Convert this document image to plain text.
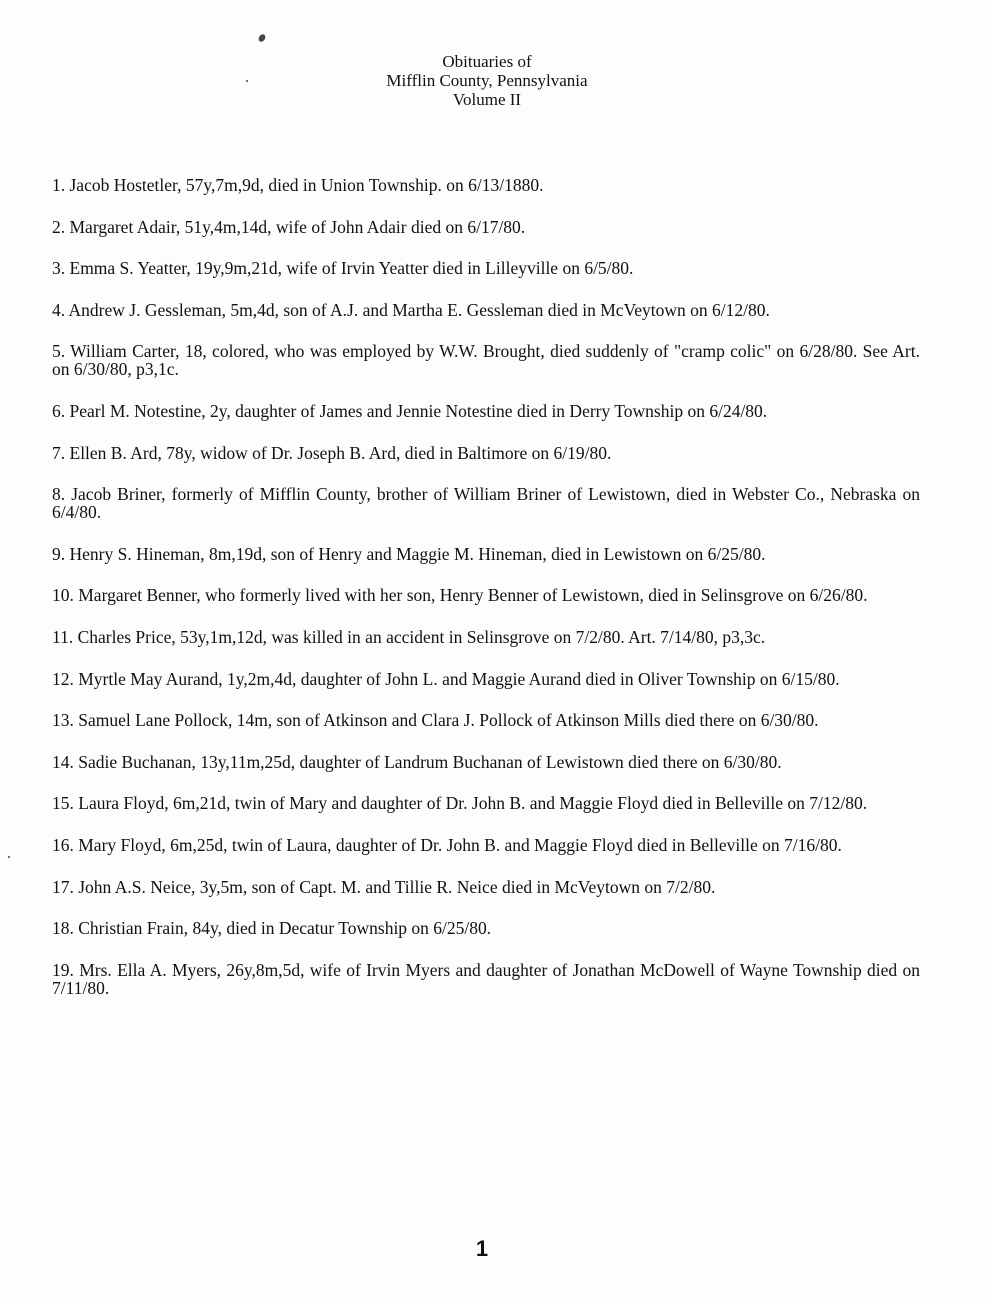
Obituaries of
Mifflin County, Pennsylvania
Volume II

1. Jacob Hostetler, 57y,7m,9d, died in Union Township. on 6/13/1880.

2. Margaret Adair, 51y,4m,14d, wife of John Adair died on 6/17/80.

3. Emma S. Yeatter, 19y,9m,21d, wife of Irvin Yeatter died in Lilleyville on 6/5/80.

4. Andrew J. Gessleman, 5m,4d, son of A.J. and Martha E. Gessleman died in McVeytown on 6/12/80.

5. William Carter, 18, colored, who was employed by W.W. Brought, died suddenly of "cramp colic" on 6/28/80. See Art. on 6/30/80, p3,1c.

6. Pearl M. Notestine, 2y, daughter of James and Jennie Notestine died in Derry Township on 6/24/80.

7. Ellen B. Ard, 78y, widow of Dr. Joseph B. Ard, died in Baltimore on 6/19/80.

8. Jacob Briner, formerly of Mifflin County, brother of William Briner of Lewistown, died in Webster Co., Nebraska on 6/4/80.

9. Henry S. Hineman, 8m,19d, son of Henry and Maggie M. Hineman, died in Lewistown on 6/25/80.

10. Margaret Benner, who formerly lived with her son, Henry Benner of Lewistown, died in Selinsgrove on 6/26/80.

11. Charles Price, 53y,1m,12d, was killed in an accident in Selinsgrove on 7/2/80. Art. 7/14/80, p3,3c.

12. Myrtle May Aurand, 1y,2m,4d, daughter of John L. and Maggie Aurand died in Oliver Township on 6/15/80.

13. Samuel Lane Pollock, 14m, son of Atkinson and Clara J. Pollock of Atkinson Mills died there on 6/30/80.

14. Sadie Buchanan, 13y,11m,25d, daughter of Landrum Buchanan of Lewistown died there on 6/30/80.

15. Laura Floyd, 6m,21d, twin of Mary and daughter of Dr. John B. and Maggie Floyd died in Belleville on 7/12/80.

16. Mary Floyd, 6m,25d, twin of Laura, daughter of Dr. John B. and Maggie Floyd died in Belleville on 7/16/80.

17. John A.S. Neice, 3y,5m, son of Capt. M. and Tillie R. Neice died in McVeytown on 7/2/80.

18. Christian Frain, 84y, died in Decatur Township on 6/25/80.

19. Mrs. Ella A. Myers, 26y,8m,5d, wife of Irvin Myers and daughter of Jonathan McDowell of Wayne Township died on 7/11/80.

1
